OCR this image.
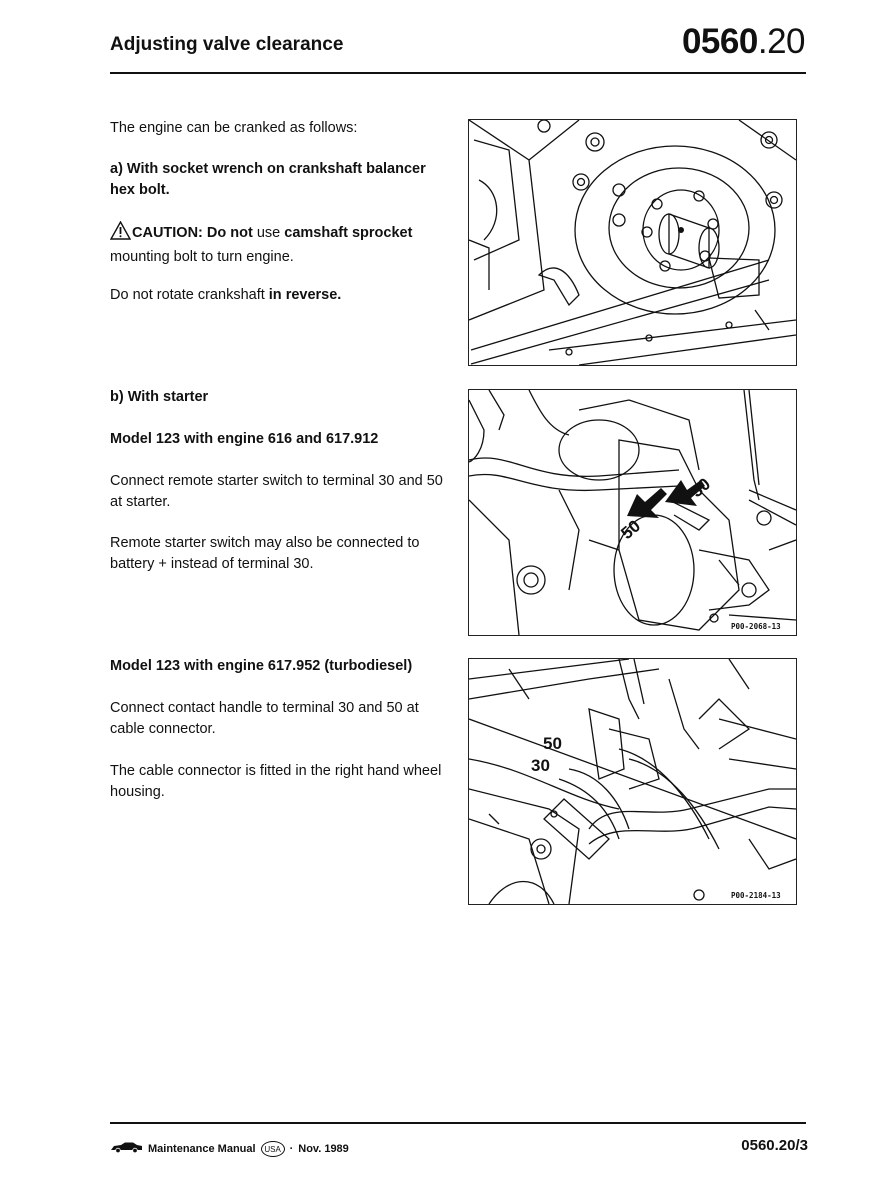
Adjusting valve clearance	0560.20

The engine can be cranked as follows:

a) With socket wrench on crankshaft balancer hex bolt.

CAUTION: Do not use camshaft sprocket
mounting bolt to turn engine.

Do not rotate crankshaft in reverse.

b) With starter

Model 123 with engine 616 and 617.912

Connect remote starter switch to terminal 30 and 50 at starter.

Remote starter switch may also be connected to battery + instead of terminal 30.

50
30
P00-2068-13

Model 123 with engine 617.952 (turbodiesel)

Connect contact handle to terminal 30 and 50 at cable connector.

The cable connector is fitted in the right hand wheel housing.

50
30
P00-2184-13
Maintenance Manual	USA · Nov. 1989	0560.20/3
